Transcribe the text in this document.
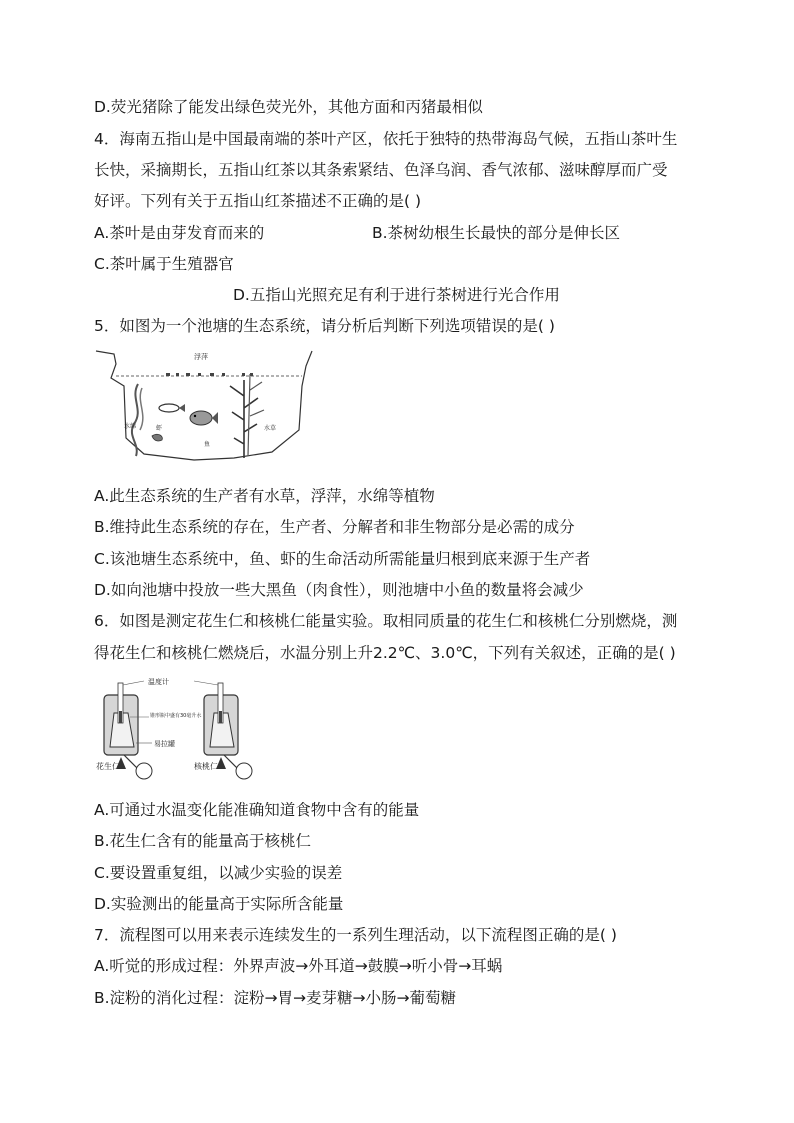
D.荧光猪除了能发出绿色荧光外，其他方面和丙猪最相似
4．海南五指山是中国最南端的茶叶产区，依托于独特的热带海岛气候，五指山茶叶生
长快，采摘期长，五指山红茶以其条索紧结、色泽乌润、香气浓郁、滋味醇厚而广受
好评。下列有关于五指山红茶描述不正确的是( )
A.茶叶是由芽发育而来的	B.茶树幼根生长最快的部分是伸长区
C.茶叶属于生殖器官
D.五指山光照充足有利于进行茶树进行光合作用
5．如图为一个池塘的生态系统，请分析后判断下列选项错误的是( )
浮萍
水绵	水草
虾
鱼
A.此生态系统的生产者有水草，浮萍，水绵等植物
B.维持此生态系统的存在，生产者、分解者和非生物部分是必需的成分
C.该池塘生态系统中，鱼、虾的生命活动所需能量归根到底来源于生产者
D.如向池塘中投放一些大黑鱼（肉食性），则池塘中小鱼的数量将会减少
6．如图是测定花生仁和核桃仁能量实验。取相同质量的花生仁和核桃仁分别燃烧，测
得花生仁和核桃仁燃烧后，水温分别上升2.2℃、3.0℃，下列有关叙述，正确的是( )
温度计
锥形瓶中盛有30毫升水
易拉罐
花生仁	核桃仁
A.可通过水温变化能准确知道食物中含有的能量
B.花生仁含有的能量高于核桃仁
C.要设置重复组，以减少实验的误差
D.实验测出的能量高于实际所含能量
7．流程图可以用来表示连续发生的一系列生理活动，以下流程图正确的是( )
A.听觉的形成过程：外界声波→外耳道→鼓膜→听小骨→耳蜗
B.淀粉的消化过程：淀粉→胃→麦芽糖→小肠→葡萄糖
